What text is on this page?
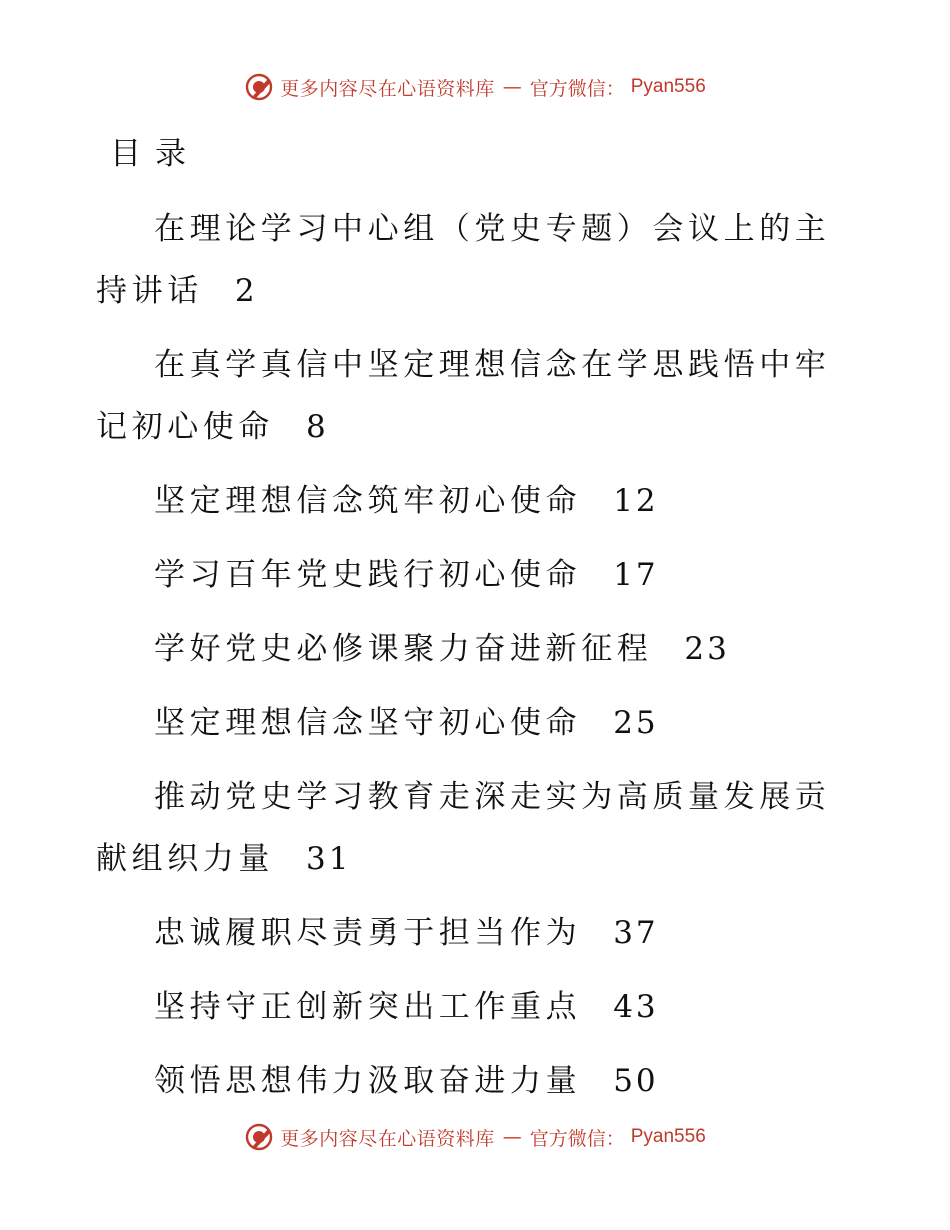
更多内容尽在心语资料库 — 官方微信： Pyan556
目录
在理论学习中心组（党史专题）会议上的主持讲话 2
在真学真信中坚定理想信念在学思践悟中牢记初心使命 8
坚定理想信念筑牢初心使命 12
学习百年党史践行初心使命 17
学好党史必修课聚力奋进新征程 23
坚定理想信念坚守初心使命 25
推动党史学习教育走深走实为高质量发展贡献组织力量 31
忠诚履职尽责勇于担当作为 37
坚持守正创新突出工作重点 43
领悟思想伟力汲取奋进力量 50
更多内容尽在心语资料库 — 官方微信： Pyan556
